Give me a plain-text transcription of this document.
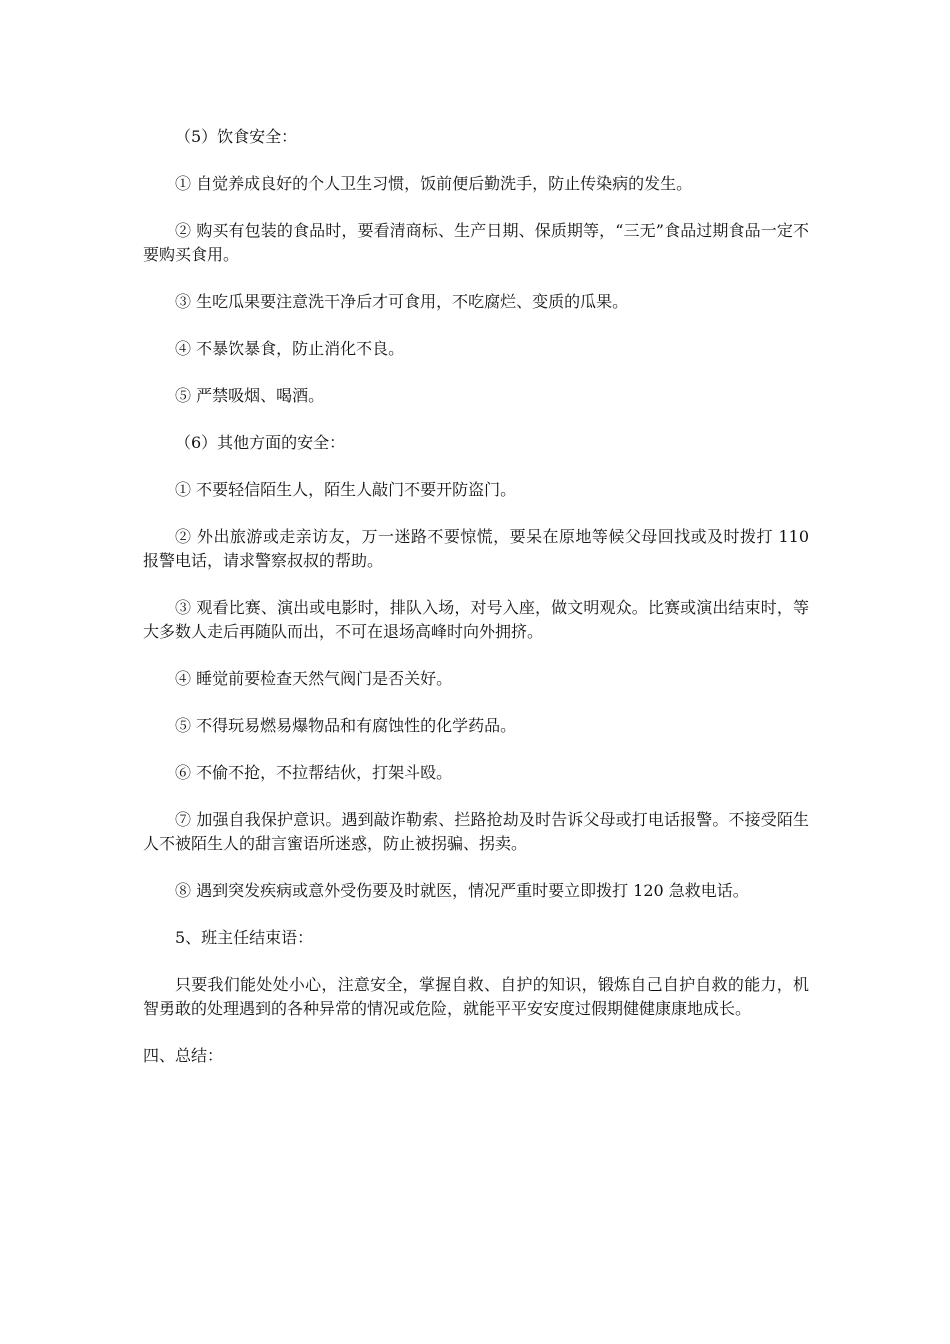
（5）饮食安全：

① 自觉养成良好的个人卫生习惯，饭前便后勤洗手，防止传染病的发生。

② 购买有包装的食品时，要看清商标、生产日期、保质期等，“三无”食品过期食品一定不要购买食用。

③ 生吃瓜果要注意洗干净后才可食用，不吃腐烂、变质的瓜果。

④ 不暴饮暴食，防止消化不良。

⑤ 严禁吸烟、喝酒。

（6）其他方面的安全：

① 不要轻信陌生人，陌生人敲门不要开防盗门。

② 外出旅游或走亲访友，万一迷路不要惊慌，要呆在原地等候父母回找或及时拨打 110 报警电话，请求警察叔叔的帮助。

③ 观看比赛、演出或电影时，排队入场，对号入座，做文明观众。比赛或演出结束时，等大多数人走后再随队而出，不可在退场高峰时向外拥挤。

④ 睡觉前要检查天然气阀门是否关好。

⑤ 不得玩易燃易爆物品和有腐蚀性的化学药品。

⑥ 不偷不抢，不拉帮结伙，打架斗殴。

⑦ 加强自我保护意识。遇到敲诈勒索、拦路抢劫及时告诉父母或打电话报警。不接受陌生人不被陌生人的甜言蜜语所迷惑，防止被拐骗、拐卖。

⑧ 遇到突发疾病或意外受伤要及时就医，情况严重时要立即拨打 120 急救电话。

5、班主任结束语：

只要我们能处处小心，注意安全，掌握自救、自护的知识，锻炼自己自护自救的能力，机智勇敢的处理遇到的各种异常的情况或危险，就能平平安安度过假期健健康康地成长。

四、总结：
